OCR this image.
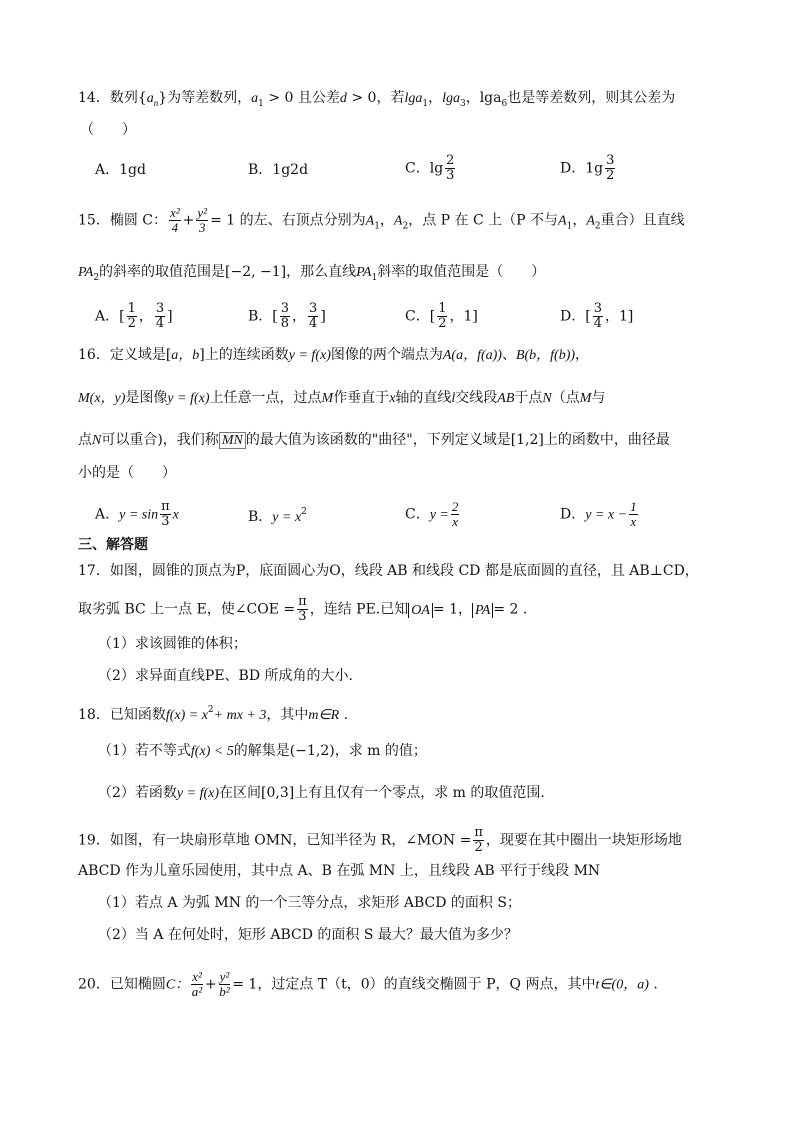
14．数列$\{a_n\}$为等差数列，$a_1 > 0$ 且公差d > 0，若lga$_1$，lga$_3$，lga$_6$也是等差数列，则其公差为
（　　）
A．1gd	B．1g2d	C．$\lg \frac{2}{3}$	D．$1g \frac{3}{2}$
15．椭圆 C： $\frac{\text{x²}}{4} + \frac{\text{y²}}{3} = 1$ 的左、右顶点分别为$A_1$，$A_2$，点 P 在 C 上（P 不与$A_1$，$A_2$重合）且直线
$PA_2$的斜率的取值范围是[−2, −1]，那么直线$PA_1$斜率的取值范围是（　　）
A．[ $\frac{1}{2}$ ， $\frac{3}{4}$ ]	B．[ $\frac{3}{8}$ ， $\frac{3}{4}$ ]	C．[ $\frac{1}{2}$ ，1]	D．[ $\frac{3}{4}$ ，1]
16．定义域是[a，b]上的连续函数y = f(x)图像的两个端点为A(a，f(a))、B(b，f(b))，
M(x，y)是图像y = f(x)上任意一点，过点M作垂直于x轴的直线l交线段AB于点N（点M与
点N可以重合)，我们称 MN 的最大值为该函数的"曲径"，下列定义域是[1,2]上的函数中，曲径最
小的是（　　）
A．$y = \sin \frac{\pi}{3}$ x	B．$y = x^2$	C．$y = \frac{2}{x}$	D．$y = x - \frac{1}{x}$
三、解答题
17．如图，圆锥的顶点为P，底面圆心为O，线段 AB 和线段 CD 都是底面圆的直径，且 AB⊥CD，
取劣弧 BC 上一点 E，使∠COE = $\frac{\pi}{3}$ ，连结 PE.已知 OA = 1， PA = 2 .
（1）求该圆锥的体积；
（2）求异面直线PE、BD 所成角的大小.
18．已知函数$f(x) = x^2+$ mx + 3，其中m∈R .
（1）若不等式f(x) < 5的解集是(−1,2)，求 m 的值；
（2）若函数y = f(x)在区间[0,3]上有且仅有一个零点，求 m 的取值范围.
19．如图，有一块扇形草地 OMN，已知半径为 R，∠MON = $\frac{\pi}{2}$ ，现要在其中圈出一块矩形场地
ABCD 作为儿童乐园使用，其中点 A、B 在弧 MN 上，且线段 AB 平行于线段 MN
（1）若点 A 为弧 MN 的一个三等分点，求矩形 ABCD 的面积 S；
（2）当 A 在何处时，矩形 ABCD 的面积 S 最大？最大值为多少？
20．已知椭圆C： $\frac{\text{x²}}{\text{a²}} + \frac{\text{y²}}{\text{b²}} = 1$，过定点 T（t，0）的直线交椭圆于 P，Q 两点，其中t∈(0，a) .
